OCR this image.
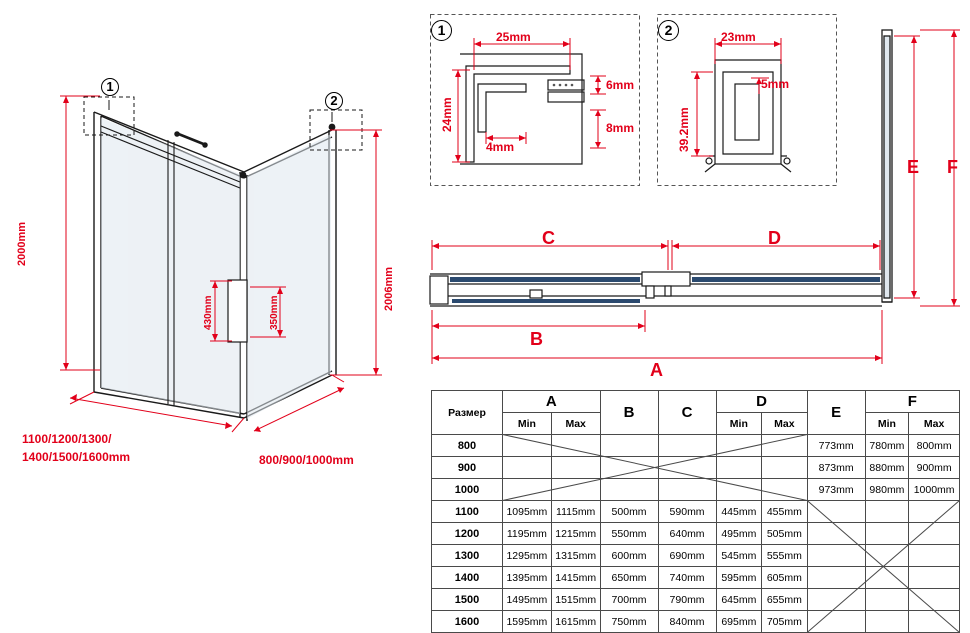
1
2
2000mm
2006mm
430mm	350mm
1100/1200/1300/
1400/1500/1600mm	800/900/1000mm
1	25mm
24mm
4mm
6mm
8mm
2	23mm
39.2mm
5mm
C	D
B
A
E F
Размер	A		B	C	D		E	F	
	Min	Max			Min	Max		Min	Max
800							773mm	780mm	800mm
900							873mm	880mm	900mm
1000							973mm	980mm	1000mm
1100	1095mm	1115mm	500mm	590mm	445mm	455mm			
1200	1195mm	1215mm	550mm	640mm	495mm	505mm			
1300	1295mm	1315mm	600mm	690mm	545mm	555mm			
1400	1395mm	1415mm	650mm	740mm	595mm	605mm			
1500	1495mm	1515mm	700mm	790mm	645mm	655mm			
1600	1595mm	1615mm	750mm	840mm	695mm	705mm			
